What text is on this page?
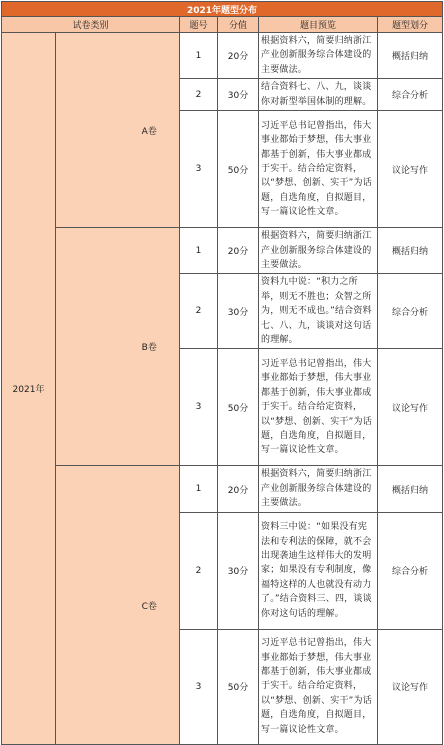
2021年题型分布						
试卷类别			题号	分值	题目预览	题型划分
2021年		A卷	1	20分	根据资料六，简要归纳浙江产业创新服务综合体建设的主要做法。	概括归纳
			2	30分	结合资料七、八、九，谈谈你对新型举国体制的理解。	综合分析
			3	50分	习近平总书记曾指出，伟大事业都始于梦想，伟大事业都基于创新，伟大事业都成于实干。结合给定资料，以“梦想、创新、实干”为话题，自选角度，自拟题目，写一篇议论性文章。	议论写作
		B卷	1	20分	根据资料六，简要归纳浙江产业创新服务综合体建设的主要做法。	概括归纳
			2	30分	资料九中说：“积力之所举，则无不胜也；众智之所为，则无不成也。”结合资料七、八、九，谈谈对这句话的理解。	综合分析
			3	50分	习近平总书记曾指出，伟大事业都始于梦想，伟大事业都基于创新，伟大事业都成于实干。结合给定资料，以“梦想、创新、实干”为话题，自选角度，自拟题目，写一篇议论性文章。	议论写作
		C卷	1	20分	根据资料六，简要归纳浙江产业创新服务综合体建设的主要做法。	概括归纳
			2	30分	资料三中说：“如果没有宪法和专利法的保障，就不会出现袭迪生这样伟大的发明家；如果没有专利制度，像福特这样的人也就没有动力了。”结合资料三、四，谈谈你对这句话的理解。	综合分析
			3	50分	习近平总书记曾指出，伟大事业都始于梦想，伟大事业都基于创新，伟大事业都成于实干。结合给定资料，以“梦想、创新、实干”为话题，自选角度，自拟题目，写一篇议论性文章。	议论写作
